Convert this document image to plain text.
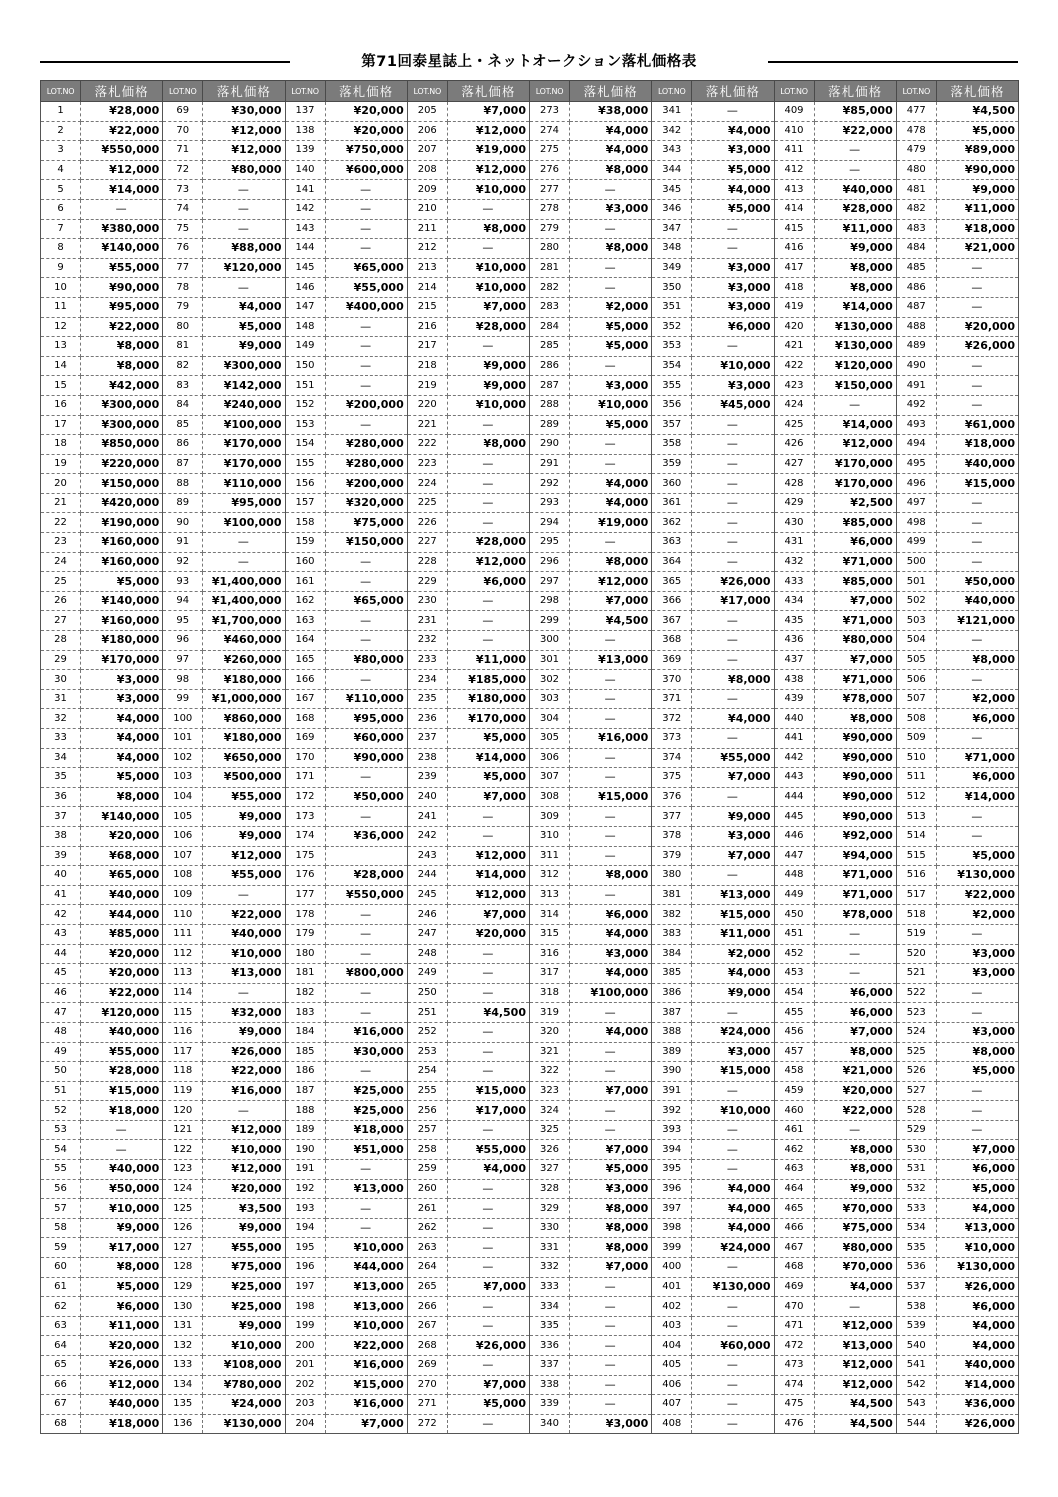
第71回泰星誌上・ネットオークション落札価格表
LOT.NO	落札価格	LOT.NO	落札価格	LOT.NO	落札価格	LOT.NO	落札価格	LOT.NO	落札価格	LOT.NO	落札価格	LOT.NO	落札価格	LOT.NO	落札価格
1	¥28,000	69	¥30,000	137	¥20,000	205	¥7,000	273	¥38,000	341	—	409	¥85,000	477	¥4,500
2	¥22,000	70	¥12,000	138	¥20,000	206	¥12,000	274	¥4,000	342	¥4,000	410	¥22,000	478	¥5,000
3	¥550,000	71	¥12,000	139	¥750,000	207	¥19,000	275	¥4,000	343	¥3,000	411	—	479	¥89,000
4	¥12,000	72	¥80,000	140	¥600,000	208	¥12,000	276	¥8,000	344	¥5,000	412	—	480	¥90,000
5	¥14,000	73	—	141	—	209	¥10,000	277	—	345	¥4,000	413	¥40,000	481	¥9,000
6	—	74	—	142	—	210	—	278	¥3,000	346	¥5,000	414	¥28,000	482	¥11,000
7	¥380,000	75	—	143	—	211	¥8,000	279	—	347	—	415	¥11,000	483	¥18,000
8	¥140,000	76	¥88,000	144	—	212	—	280	¥8,000	348	—	416	¥9,000	484	¥21,000
9	¥55,000	77	¥120,000	145	¥65,000	213	¥10,000	281	—	349	¥3,000	417	¥8,000	485	—
10	¥90,000	78	—	146	¥55,000	214	¥10,000	282	—	350	¥3,000	418	¥8,000	486	—
11	¥95,000	79	¥4,000	147	¥400,000	215	¥7,000	283	¥2,000	351	¥3,000	419	¥14,000	487	—
12	¥22,000	80	¥5,000	148	—	216	¥28,000	284	¥5,000	352	¥6,000	420	¥130,000	488	¥20,000
13	¥8,000	81	¥9,000	149	—	217	—	285	¥5,000	353	—	421	¥130,000	489	¥26,000
14	¥8,000	82	¥300,000	150	—	218	¥9,000	286	—	354	¥10,000	422	¥120,000	490	—
15	¥42,000	83	¥142,000	151	—	219	¥9,000	287	¥3,000	355	¥3,000	423	¥150,000	491	—
16	¥300,000	84	¥240,000	152	¥200,000	220	¥10,000	288	¥10,000	356	¥45,000	424	—	492	—
17	¥300,000	85	¥100,000	153	—	221	—	289	¥5,000	357	—	425	¥14,000	493	¥61,000
18	¥850,000	86	¥170,000	154	¥280,000	222	¥8,000	290	—	358	—	426	¥12,000	494	¥18,000
19	¥220,000	87	¥170,000	155	¥280,000	223	—	291	—	359	—	427	¥170,000	495	¥40,000
20	¥150,000	88	¥110,000	156	¥200,000	224	—	292	¥4,000	360	—	428	¥170,000	496	¥15,000
21	¥420,000	89	¥95,000	157	¥320,000	225	—	293	¥4,000	361	—	429	¥2,500	497	—
22	¥190,000	90	¥100,000	158	¥75,000	226	—	294	¥19,000	362	—	430	¥85,000	498	—
23	¥160,000	91	—	159	¥150,000	227	¥28,000	295	—	363	—	431	¥6,000	499	—
24	¥160,000	92	—	160	—	228	¥12,000	296	¥8,000	364	—	432	¥71,000	500	—
25	¥5,000	93	¥1,400,000	161	—	229	¥6,000	297	¥12,000	365	¥26,000	433	¥85,000	501	¥50,000
26	¥140,000	94	¥1,400,000	162	¥65,000	230	—	298	¥7,000	366	¥17,000	434	¥7,000	502	¥40,000
27	¥160,000	95	¥1,700,000	163	—	231	—	299	¥4,500	367	—	435	¥71,000	503	¥121,000
28	¥180,000	96	¥460,000	164	—	232	—	300	—	368	—	436	¥80,000	504	—
29	¥170,000	97	¥260,000	165	¥80,000	233	¥11,000	301	¥13,000	369	—	437	¥7,000	505	¥8,000
30	¥3,000	98	¥180,000	166	—	234	¥185,000	302	—	370	¥8,000	438	¥71,000	506	—
31	¥3,000	99	¥1,000,000	167	¥110,000	235	¥180,000	303	—	371	—	439	¥78,000	507	¥2,000
32	¥4,000	100	¥860,000	168	¥95,000	236	¥170,000	304	—	372	¥4,000	440	¥8,000	508	¥6,000
33	¥4,000	101	¥180,000	169	¥60,000	237	¥5,000	305	¥16,000	373	—	441	¥90,000	509	—
34	¥4,000	102	¥650,000	170	¥90,000	238	¥14,000	306	—	374	¥55,000	442	¥90,000	510	¥71,000
35	¥5,000	103	¥500,000	171	—	239	¥5,000	307	—	375	¥7,000	443	¥90,000	511	¥6,000
36	¥8,000	104	¥55,000	172	¥50,000	240	¥7,000	308	¥15,000	376	—	444	¥90,000	512	¥14,000
37	¥140,000	105	¥9,000	173	—	241	—	309	—	377	¥9,000	445	¥90,000	513	—
38	¥20,000	106	¥9,000	174	¥36,000	242	—	310	—	378	¥3,000	446	¥92,000	514	—
39	¥68,000	107	¥12,000	175		243	¥12,000	311	—	379	¥7,000	447	¥94,000	515	¥5,000
40	¥65,000	108	¥55,000	176	¥28,000	244	¥14,000	312	¥8,000	380	—	448	¥71,000	516	¥130,000
41	¥40,000	109	—	177	¥550,000	245	¥12,000	313	—	381	¥13,000	449	¥71,000	517	¥22,000
42	¥44,000	110	¥22,000	178	—	246	¥7,000	314	¥6,000	382	¥15,000	450	¥78,000	518	¥2,000
43	¥85,000	111	¥40,000	179	—	247	¥20,000	315	¥4,000	383	¥11,000	451	—	519	—
44	¥20,000	112	¥10,000	180	—	248	—	316	¥3,000	384	¥2,000	452	—	520	¥3,000
45	¥20,000	113	¥13,000	181	¥800,000	249	—	317	¥4,000	385	¥4,000	453	—	521	¥3,000
46	¥22,000	114	—	182	—	250	—	318	¥100,000	386	¥9,000	454	¥6,000	522	—
47	¥120,000	115	¥32,000	183	—	251	¥4,500	319	—	387	—	455	¥6,000	523	—
48	¥40,000	116	¥9,000	184	¥16,000	252	—	320	¥4,000	388	¥24,000	456	¥7,000	524	¥3,000
49	¥55,000	117	¥26,000	185	¥30,000	253	—	321	—	389	¥3,000	457	¥8,000	525	¥8,000
50	¥28,000	118	¥22,000	186	—	254	—	322	—	390	¥15,000	458	¥21,000	526	¥5,000
51	¥15,000	119	¥16,000	187	¥25,000	255	¥15,000	323	¥7,000	391	—	459	¥20,000	527	—
52	¥18,000	120	—	188	¥25,000	256	¥17,000	324	—	392	¥10,000	460	¥22,000	528	—
53	—	121	¥12,000	189	¥18,000	257	—	325	—	393	—	461	—	529	—
54	—	122	¥10,000	190	¥51,000	258	¥55,000	326	¥7,000	394	—	462	¥8,000	530	¥7,000
55	¥40,000	123	¥12,000	191	—	259	¥4,000	327	¥5,000	395	—	463	¥8,000	531	¥6,000
56	¥50,000	124	¥20,000	192	¥13,000	260	—	328	¥3,000	396	¥4,000	464	¥9,000	532	¥5,000
57	¥10,000	125	¥3,500	193	—	261	—	329	¥8,000	397	¥4,000	465	¥70,000	533	¥4,000
58	¥9,000	126	¥9,000	194	—	262	—	330	¥8,000	398	¥4,000	466	¥75,000	534	¥13,000
59	¥17,000	127	¥55,000	195	¥10,000	263	—	331	¥8,000	399	¥24,000	467	¥80,000	535	¥10,000
60	¥8,000	128	¥75,000	196	¥44,000	264	—	332	¥7,000	400	—	468	¥70,000	536	¥130,000
61	¥5,000	129	¥25,000	197	¥13,000	265	¥7,000	333	—	401	¥130,000	469	¥4,000	537	¥26,000
62	¥6,000	130	¥25,000	198	¥13,000	266	—	334	—	402	—	470	—	538	¥6,000
63	¥11,000	131	¥9,000	199	¥10,000	267	—	335	—	403	—	471	¥12,000	539	¥4,000
64	¥20,000	132	¥10,000	200	¥22,000	268	¥26,000	336	—	404	¥60,000	472	¥13,000	540	¥4,000
65	¥26,000	133	¥108,000	201	¥16,000	269	—	337	—	405	—	473	¥12,000	541	¥40,000
66	¥12,000	134	¥780,000	202	¥15,000	270	¥7,000	338	—	406	—	474	¥12,000	542	¥14,000
67	¥40,000	135	¥24,000	203	¥16,000	271	¥5,000	339	—	407	—	475	¥4,500	543	¥36,000
68	¥18,000	136	¥130,000	204	¥7,000	272	—	340	¥3,000	408	—	476	¥4,500	544	¥26,000
